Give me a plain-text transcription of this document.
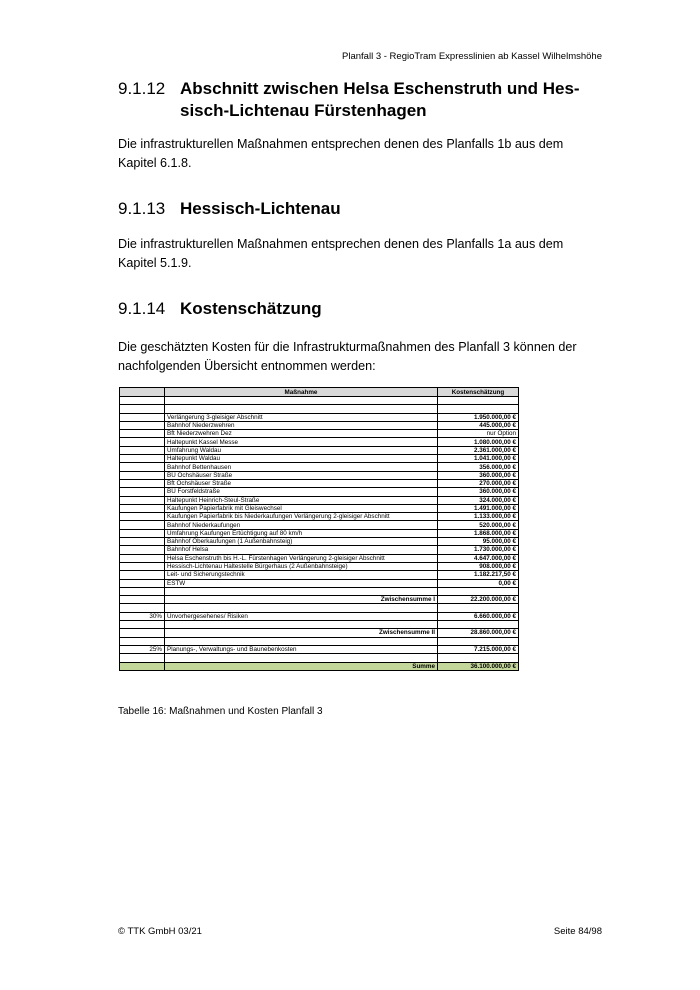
Planfall 3 - RegioTram Expresslinien ab Kassel Wilhelmshöhe
9.1.12 Abschnitt zwischen Helsa Eschenstruth und Hes-sisch-Lichtenau Fürstenhagen

Die infrastrukturellen Maßnahmen entsprechen denen des Planfalls 1b aus dem Kapitel 6.1.8.

9.1.13 Hessisch-Lichtenau

Die infrastrukturellen Maßnahmen entsprechen denen des Planfalls 1a aus dem Kapitel 5.1.9.

9.1.14 Kostenschätzung

Die geschätzten Kosten für die Infrastrukturmaßnahmen des Planfall 3 können der nachfolgenden Übersicht entnommen werden:

	Maßnahme	Kostenschätzung

	Verlängerung 3-gleisiger Abschnitt	1.950.000,00 €
	Bahnhof Niederzwehren	445.000,00 €
	Bft Niederzwehren Dez	nur Option
	Haltepunkt Kassel Messe	1.080.000,00 €
	Umfahrung Waldau	2.361.000,00 €
	Haltepunkt Waldau	1.041.000,00 €
	Bahnhof Bettenhausen	356.000,00 €
	BÜ Ochshäuser Straße	360.000,00 €
	Bft Ochshäuser Straße	270.000,00 €
	BÜ Forstfeldstraße	360.000,00 €
	Haltepunkt Heinrich-Steul-Straße	324.000,00 €
	Kaufungen Papierfabrik mit Gleiswechsel	1.491.000,00 €
	Kaufungen Papierfabrik bis Niederkaufungen Verlängerung 2-gleisiger Abschnitt	1.133.000,00 €
	Bahnhof Niederkaufungen	520.000,00 €
	Umfahrung Kaufungen Ertüchtigung auf 80 km/h	1.868.000,00 €
	Bahnhof Oberkaufungen (1 Außenbahnsteig)	95.000,00 €
	Bahnhof Helsa	1.730.000,00 €
	Helsa Eschenstruth bis H.-L. Fürstenhagen Verlängerung 2-gleisiger Abschnitt	4.647.000,00 €
	Hessisch-Lichtenau Haltestelle Bürgerhaus (2 Außenbahnsteige)	908.000,00 €
	Leit- und Sicherungstechnik	1.182.217,50 €
	ESTW	0,00 €

	Zwischensumme I	22.200.000,00 €

30%	Unvorhergesehenes/ Risiken	6.660.000,00 €

	Zwischensumme II	28.860.000,00 €

25%	Planungs-, Verwaltungs- und Baunebenkosten	7.215.000,00 €

	Summe	36.100.000,00 €
Tabelle 16: Maßnahmen und Kosten Planfall 3
© TTK GmbH 03/21	Seite 84/98
